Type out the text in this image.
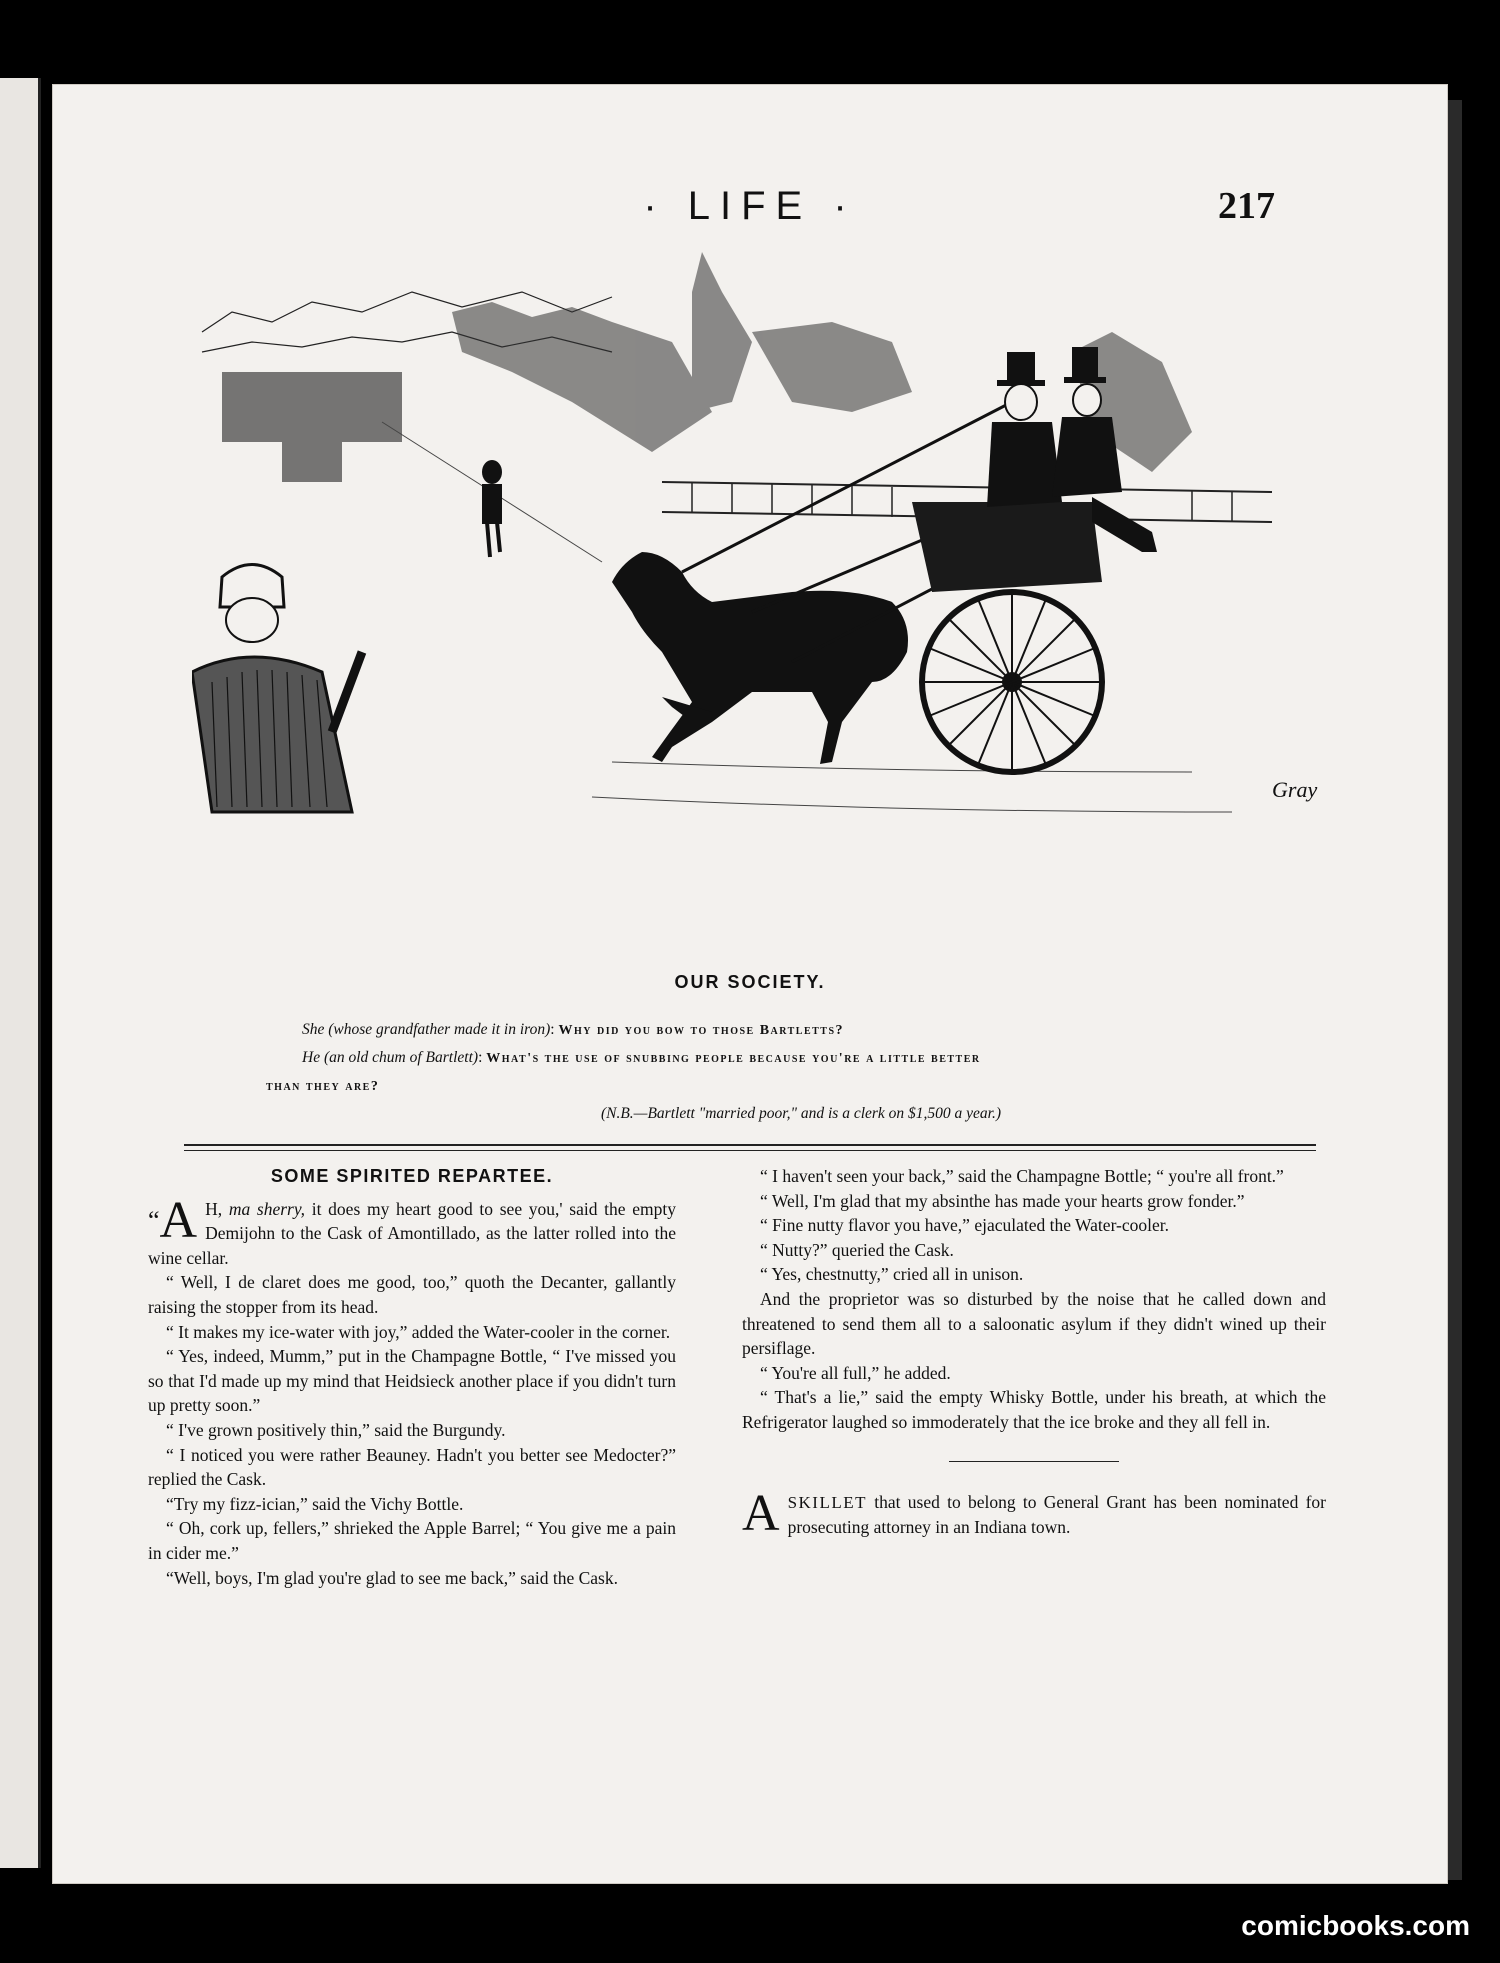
· LIFE ·	217
Gray
OUR SOCIETY.

She (whose grandfather made it in iron): Why did you bow to those Bartletts?

He (an old chum of Bartlett): What's the use of snubbing people because you're a little better

than they are?

(N.B.—Bartlett "married poor," and is a clerk on $1,500 a year.)

SOME SPIRITED REPARTEE.

“A H, ma sherry, it does my heart good to see you,' said the empty Demijohn to the Cask of Amontillado, as the latter rolled into the wine cellar.

“ Well, I de claret does me good, too,” quoth the Decanter, gallantly raising the stopper from its head.

“ It makes my ice-water with joy,” added the Water-cooler in the corner.

“ Yes, indeed, Mumm,” put in the Champagne Bottle, “ I've missed you so that I'd made up my mind that Heidsieck another place if you didn't turn up pretty soon.”

“ I've grown positively thin,” said the Burgundy.

“ I noticed you were rather Beauney. Hadn't you better see Medocter?” replied the Cask.

“Try my fizz-ician,” said the Vichy Bottle.

“ Oh, cork up, fellers,” shrieked the Apple Barrel; “ You give me a pain in cider me.”

“Well, boys, I'm glad you're glad to see me back,” said the Cask.

“ I haven't seen your back,” said the Champagne Bottle; “ you're all front.”

“ Well, I'm glad that my absinthe has made your hearts grow fonder.”

“ Fine nutty flavor you have,” ejaculated the Water-cooler.

“ Nutty?” queried the Cask.

“ Yes, chestnutty,” cried all in unison.

And the proprietor was so disturbed by the noise that he called down and threatened to send them all to a saloonatic asylum if they didn't wined up their persiflage.

“ You're all full,” he added.

“ That's a lie,” said the empty Whisky Bottle, under his breath, at which the Refrigerator laughed so immoderately that the ice broke and they all fell in.

ASKILLET that used to belong to General Grant has been nominated for prosecuting attorney in an Indiana town.

comicbooks.com
